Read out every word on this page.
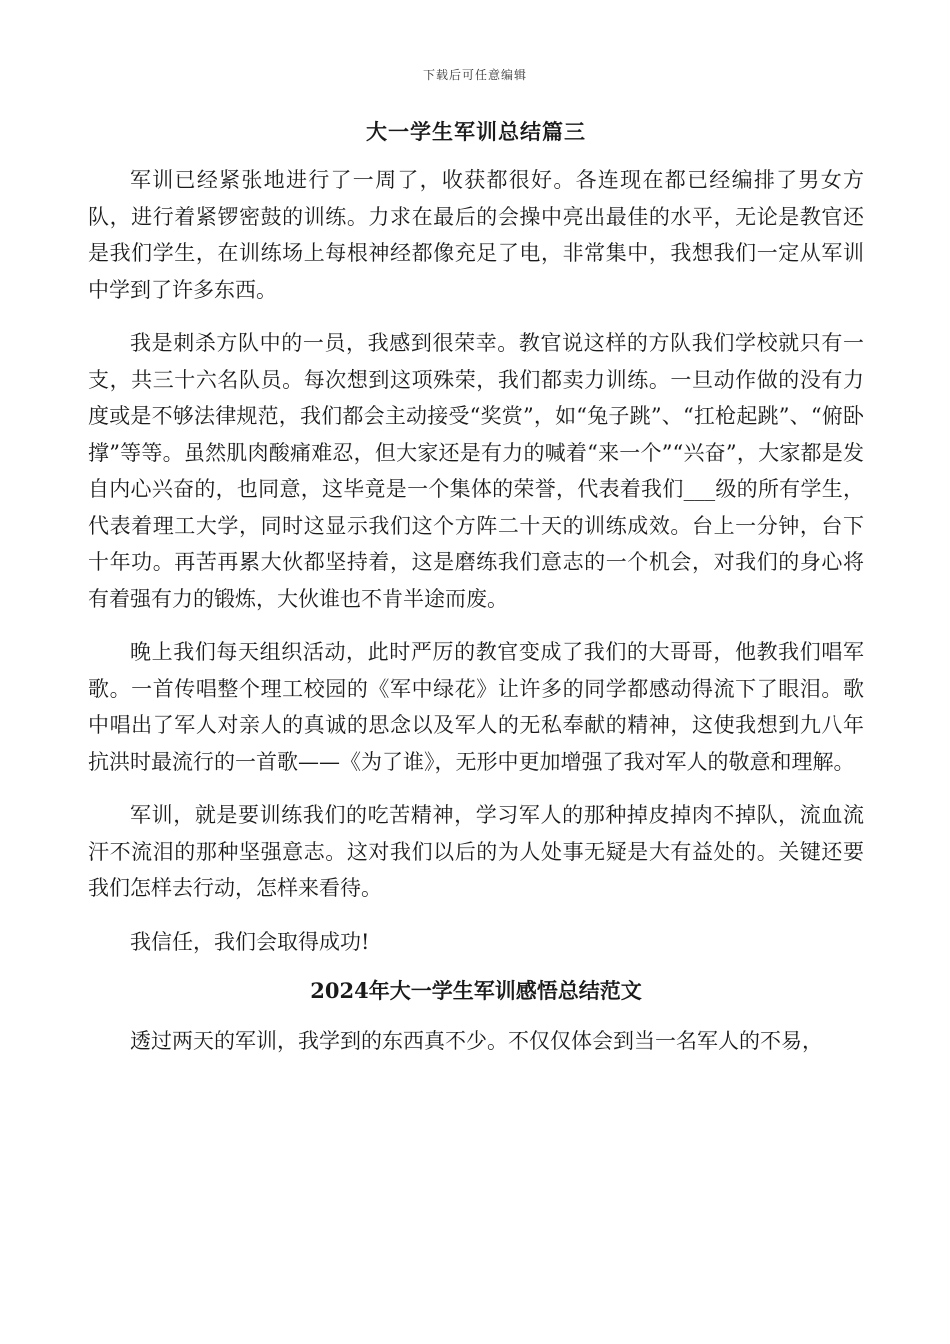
下载后可任意编辑
大一学生军训总结篇三

军训已经紧张地进行了一周了，收获都很好。各连现在都已经编排了男女方队，进行着紧锣密鼓的训练。力求在最后的会操中亮出最佳的水平，无论是教官还是我们学生，在训练场上每根神经都像充足了电，非常集中，我想我们一定从军训中学到了许多东西。

我是刺杀方队中的一员，我感到很荣幸。教官说这样的方队我们学校就只有一支，共三十六名队员。每次想到这项殊荣，我们都卖力训练。一旦动作做的没有力度或是不够法律规范，我们都会主动接受“奖赏”，如“兔子跳”、“扛枪起跳”、“俯卧撑”等等。虽然肌肉酸痛难忍，但大家还是有力的喊着“来一个”“兴奋”，大家都是发自内心兴奋的，也同意，这毕竟是一个集体的荣誉，代表着我们___级的所有学生，代表着理工大学，同时这显示我们这个方阵二十天的训练成效。台上一分钟，台下十年功。再苦再累大伙都坚持着，这是磨练我们意志的一个机会，对我们的身心将有着强有力的锻炼，大伙谁也不肯半途而废。

晚上我们每天组织活动，此时严厉的教官变成了我们的大哥哥，他教我们唱军歌。一首传唱整个理工校园的《军中绿花》让许多的同学都感动得流下了眼泪。歌中唱出了军人对亲人的真诚的思念以及军人的无私奉献的精神，这使我想到九八年抗洪时最流行的一首歌——《为了谁》，无形中更加增强了我对军人的敬意和理解。

军训，就是要训练我们的吃苦精神，学习军人的那种掉皮掉肉不掉队，流血流汗不流泪的那种坚强意志。这对我们以后的为人处事无疑是大有益处的。关键还要我们怎样去行动，怎样来看待。

我信任，我们会取得成功!

2024年大一学生军训感悟总结范文

透过两天的军训，我学到的东西真不少。不仅仅体会到当一名军人的不易，
